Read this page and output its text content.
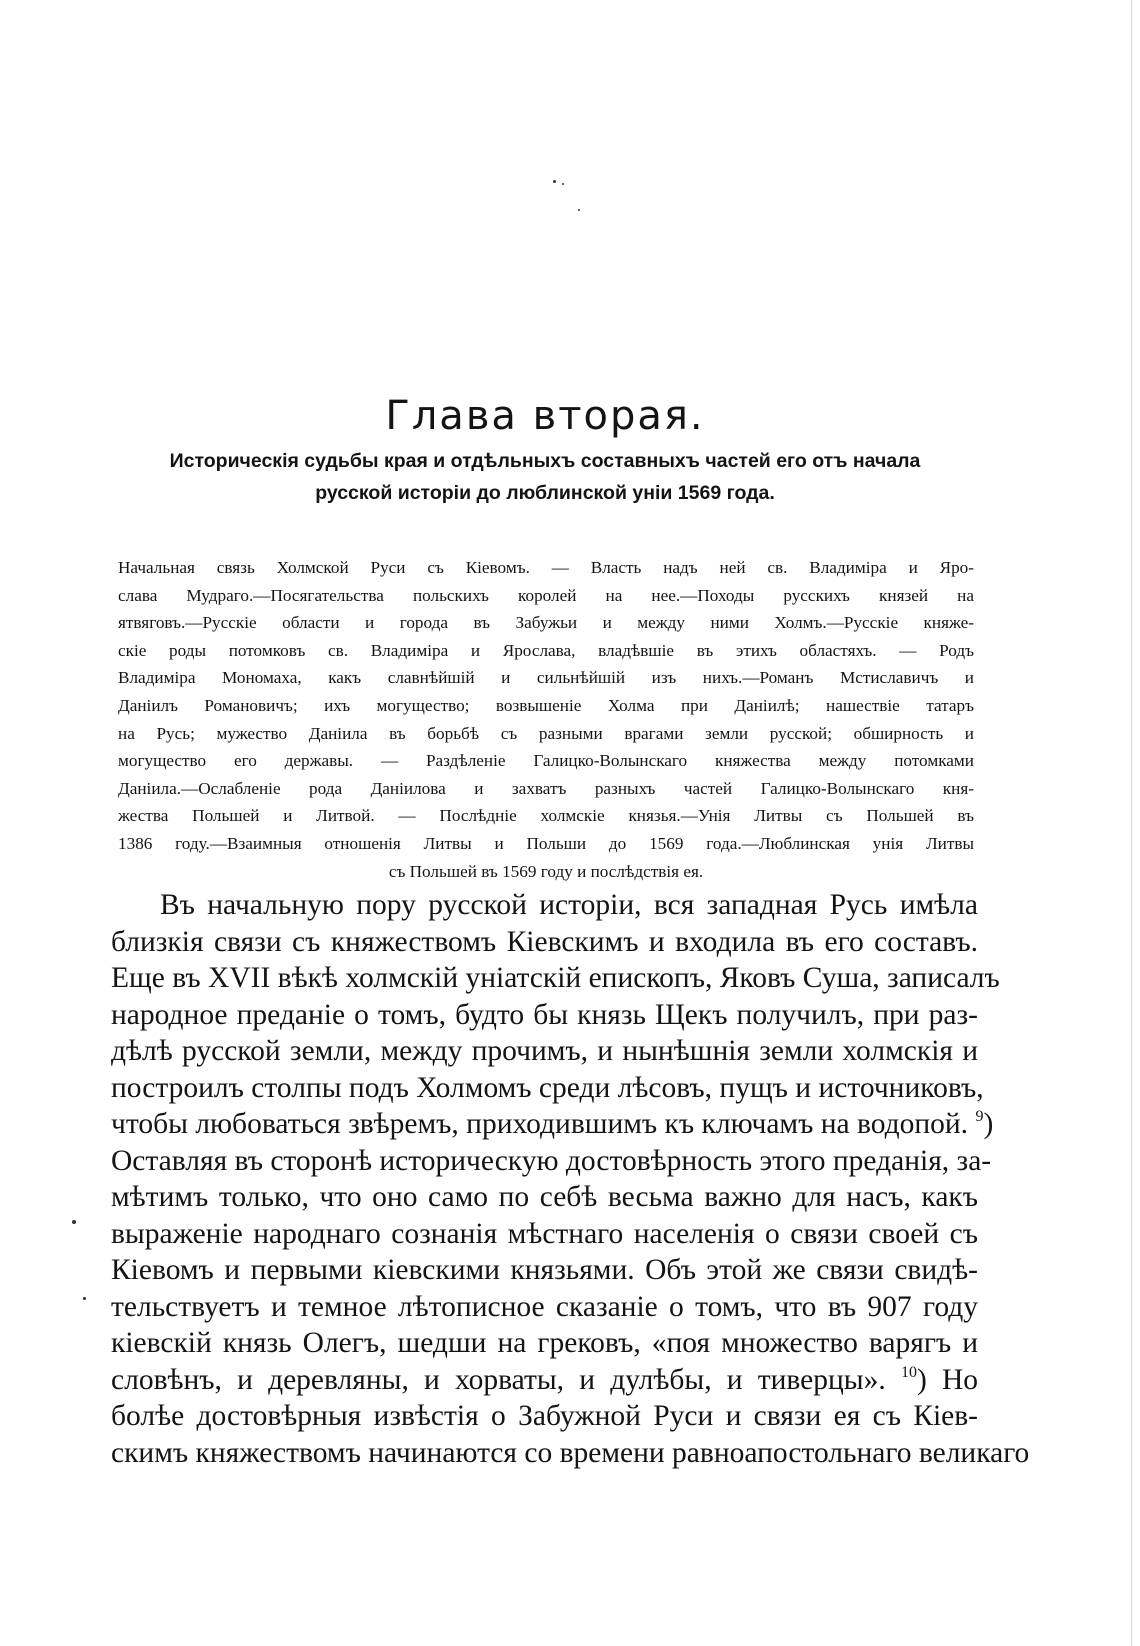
Глава вторая.
Историческія судьбы края и отдѣльныхъ составныхъ частей его отъ начала
русской исторіи до люблинской уніи 1569 года.
Начальная связь Холмской Руси съ Кіевомъ. — Власть надъ ней св. Владиміра и Яро-
слава Мудраго.—Посягательства польскихъ королей на нее.—Походы русскихъ князей на
ятвяговъ.—Русскіе области и города въ Забужьи и между ними Холмъ.—Русскіе княже-
скіе роды потомковъ св. Владиміра и Ярослава, владѣвшіе въ этихъ областяхъ. — Родъ
Владиміра Мономаха, какъ славнѣйшій и сильнѣйшій изъ нихъ.—Романъ Мстиславичъ и
Даніилъ Романовичъ; ихъ могущество; возвышеніе Холма при Даніилѣ; нашествіе татаръ
на Русь; мужество Даніила въ борьбѣ съ разными врагами земли русской; обширность и
могущество его державы. — Раздѣленіе Галицко-Волынскаго княжества между потомками
Даніила.—Ослабленіе рода Даніилова и захватъ разныхъ частей Галицко-Волынскаго кня-
жества Польшей и Литвой. — Послѣдніе холмскіе князья.—Унія Литвы съ Польшей въ
1386 году.—Взаимныя отношенія Литвы и Польши до 1569 года.—Люблинская унія Литвы
съ Польшей въ 1569 году и послѣдствія ея.
Въ начальную пору русской исторіи, вся западная Русь имѣла
близкія связи съ княжествомъ Кіевскимъ и входила въ его составъ.
Еще въ XVII вѣкѣ холмскій уніатскій епископъ, Яковъ Суша, записалъ
народное преданіе о томъ, будто бы князь Щекъ получилъ, при раз-
дѣлѣ русской земли, между прочимъ, и нынѣшнія земли холмскія и
построилъ столпы подъ Холмомъ среди лѣсовъ, пущъ и источниковъ,
чтобы любоваться звѣремъ, приходившимъ къ ключамъ на водопой. $^9$)
Оставляя въ сторонѣ историческую достовѣрность этого преданія, за-
мѣтимъ только, что оно само по себѣ весьма важно для насъ, какъ
выраженіе народнаго сознанія мѣстнаго населенія о связи своей съ
Кіевомъ и первыми кіевскими князьями. Объ этой же связи свидѣ-
тельствуетъ и темное лѣтописное сказаніе о томъ, что въ 907 году
кіевскій князь Олегъ, шедши на грековъ, «поя множество варягъ и
словѣнъ, и деревляны, и хорваты, и дулѣбы, и тиверцы». $^{10}$) Но
болѣе достовѣрныя извѣстія о Забужной Руси и связи ея съ Кіев-
скимъ княжествомъ начинаются со времени равноапостольнаго великаго
